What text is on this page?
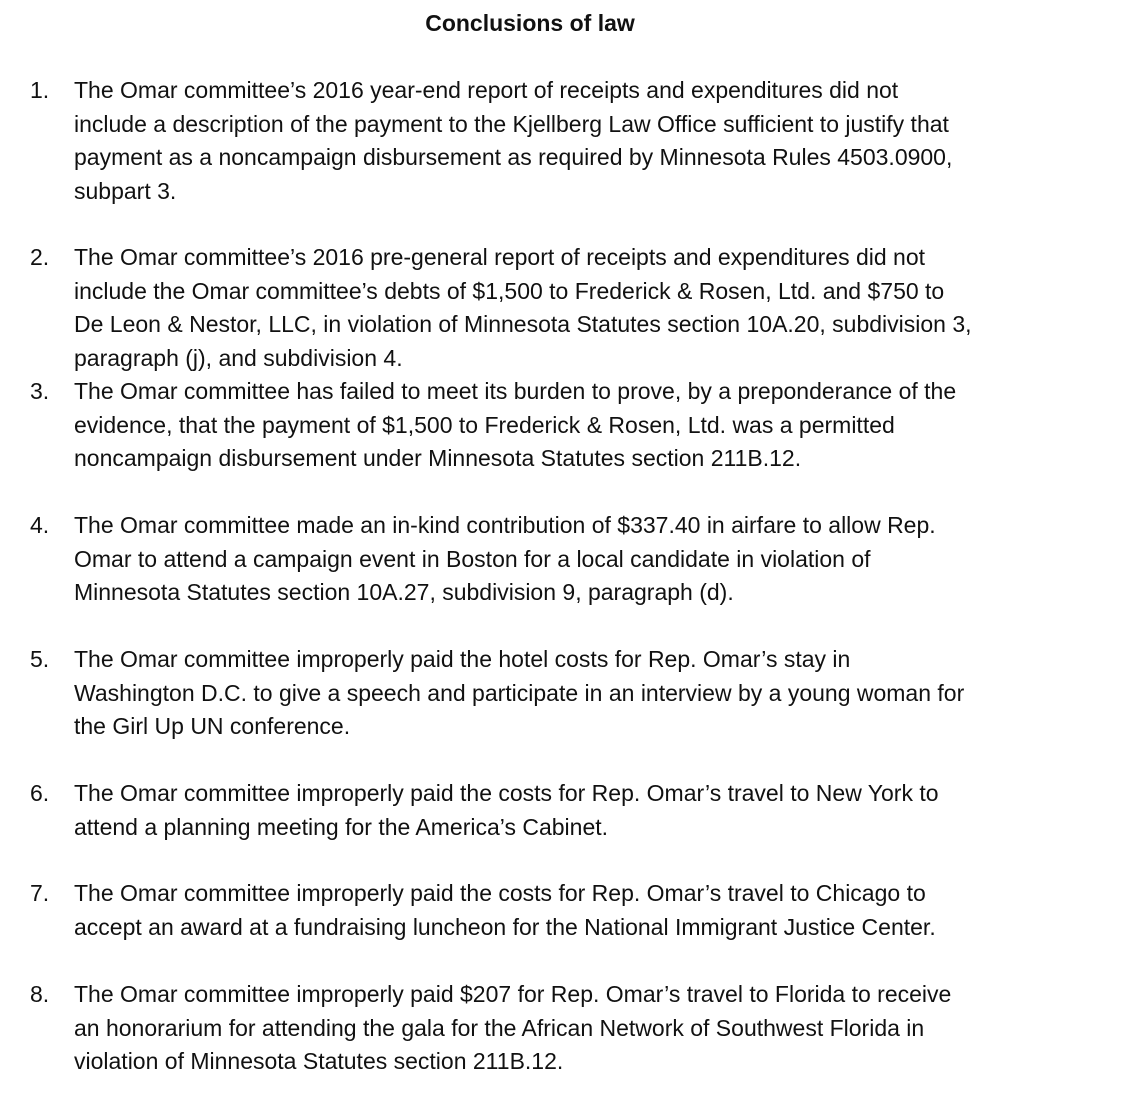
Conclusions of law
1.	The Omar committee’s 2016 year-end report of receipts and expenditures did not
include a description of the payment to the Kjellberg Law Office sufficient to justify that
payment as a noncampaign disbursement as required by Minnesota Rules 4503.0900,
subpart 3.
2.	The Omar committee’s 2016 pre-general report of receipts and expenditures did not
include the Omar committee’s debts of $1,500 to Frederick & Rosen, Ltd. and $750 to
De Leon & Nestor, LLC, in violation of Minnesota Statutes section 10A.20, subdivision 3,
paragraph (j), and subdivision 4.
3.	The Omar committee has failed to meet its burden to prove, by a preponderance of the
evidence, that the payment of $1,500 to Frederick & Rosen, Ltd. was a permitted
noncampaign disbursement under Minnesota Statutes section 211B.12.
4.	The Omar committee made an in-kind contribution of $337.40 in airfare to allow Rep.
Omar to attend a campaign event in Boston for a local candidate in violation of
Minnesota Statutes section 10A.27, subdivision 9, paragraph (d).
5.	The Omar committee improperly paid the hotel costs for Rep. Omar’s stay in
Washington D.C. to give a speech and participate in an interview by a young woman for
the Girl Up UN conference.
6.	The Omar committee improperly paid the costs for Rep. Omar’s travel to New York to
attend a planning meeting for the America’s Cabinet.
7.	The Omar committee improperly paid the costs for Rep. Omar’s travel to Chicago to
accept an award at a fundraising luncheon for the National Immigrant Justice Center.
8.	The Omar committee improperly paid $207 for Rep. Omar’s travel to Florida to receive
an honorarium for attending the gala for the African Network of Southwest Florida in
violation of Minnesota Statutes section 211B.12.
